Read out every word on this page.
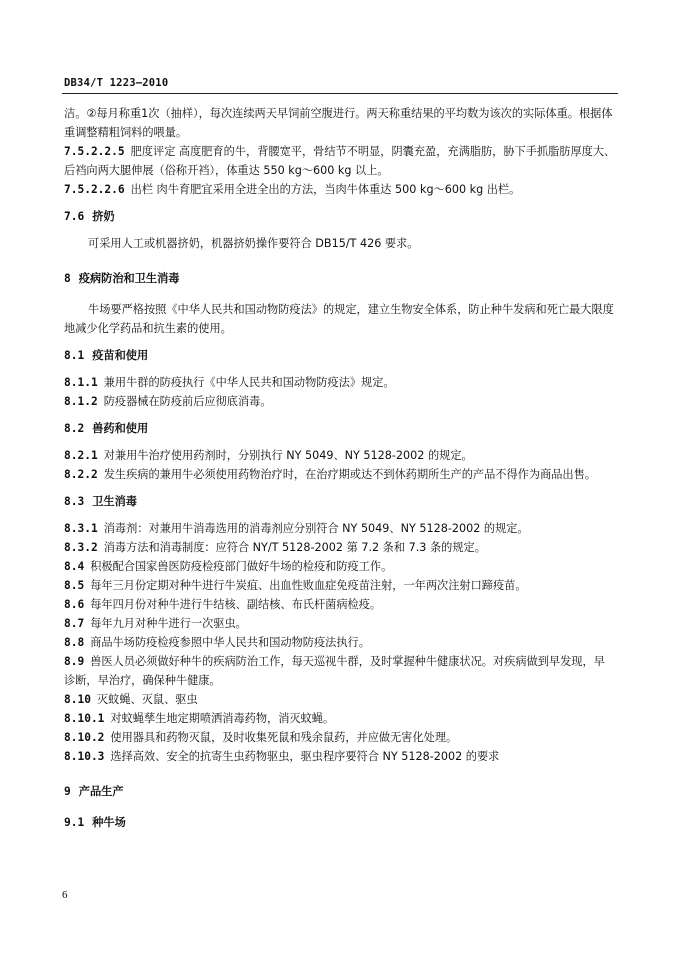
DB34/T 1223—2010

洁。②每月称重1次（抽样），每次连续两天早饲前空腹进行。两天称重结果的平均数为该次的实际体重。根据体重调整精粗饲料的喂量。

7.5.2.2.5 肥度评定 高度肥育的牛，背腰宽平，骨结节不明显，阴囊充盈，充满脂肪，胁下手抓脂肪厚度大、后裆向两大腿伸展（俗称开裆），体重达 550 kg～600 kg 以上。

7.5.2.2.6 出栏 肉牛育肥宜采用全进全出的方法，当肉牛体重达 500 kg～600 kg 出栏。

7.6 挤奶

可采用人工或机器挤奶，机器挤奶操作要符合 DB15/T 426 要求。

8 疫病防治和卫生消毒

牛场要严格按照《中华人民共和国动物防疫法》的规定，建立生物安全体系，防止种牛发病和死亡最大限度地减少化学药品和抗生素的使用。

8.1 疫苗和使用

8.1.1 兼用牛群的防疫执行《中华人民共和国动物防疫法》规定。

8.1.2 防疫器械在防疫前后应彻底消毒。

8.2 兽药和使用

8.2.1 对兼用牛治疗使用药剂时，分别执行 NY 5049、NY 5128-2002 的规定。

8.2.2 发生疾病的兼用牛必须使用药物治疗时，在治疗期或达不到休药期所生产的产品不得作为商品出售。

8.3 卫生消毒

8.3.1 消毒剂：对兼用牛消毒选用的消毒剂应分别符合 NY 5049、NY 5128-2002 的规定。

8.3.2 消毒方法和消毒制度：应符合 NY/T 5128-2002 第 7.2 条和 7.3 条的规定。

8.4 积极配合国家兽医防疫检疫部门做好牛场的检疫和防疫工作。

8.5 每年三月份定期对种牛进行牛炭疽、出血性败血症免疫苗注射，一年两次注射口蹄疫苗。

8.6 每年四月份对种牛进行牛结核、副结核、布氏杆菌病检疫。

8.7 每年九月对种牛进行一次驱虫。

8.8 商品牛场防疫检疫参照中华人民共和国动物防疫法执行。

8.9 兽医人员必须做好种牛的疾病防治工作，每天巡视牛群，及时掌握种牛健康状况。对疾病做到早发现，早诊断，早治疗，确保种牛健康。

8.10 灭蚊蝇、灭鼠、驱虫

8.10.1 对蚊蝇孳生地定期喷洒消毒药物，消灭蚊蝇。

8.10.2 使用器具和药物灭鼠，及时收集死鼠和残余鼠药，并应做无害化处理。

8.10.3 选择高效、安全的抗寄生虫药物驱虫，驱虫程序要符合 NY 5128-2002 的要求

9 产品生产

9.1 种牛场

6
